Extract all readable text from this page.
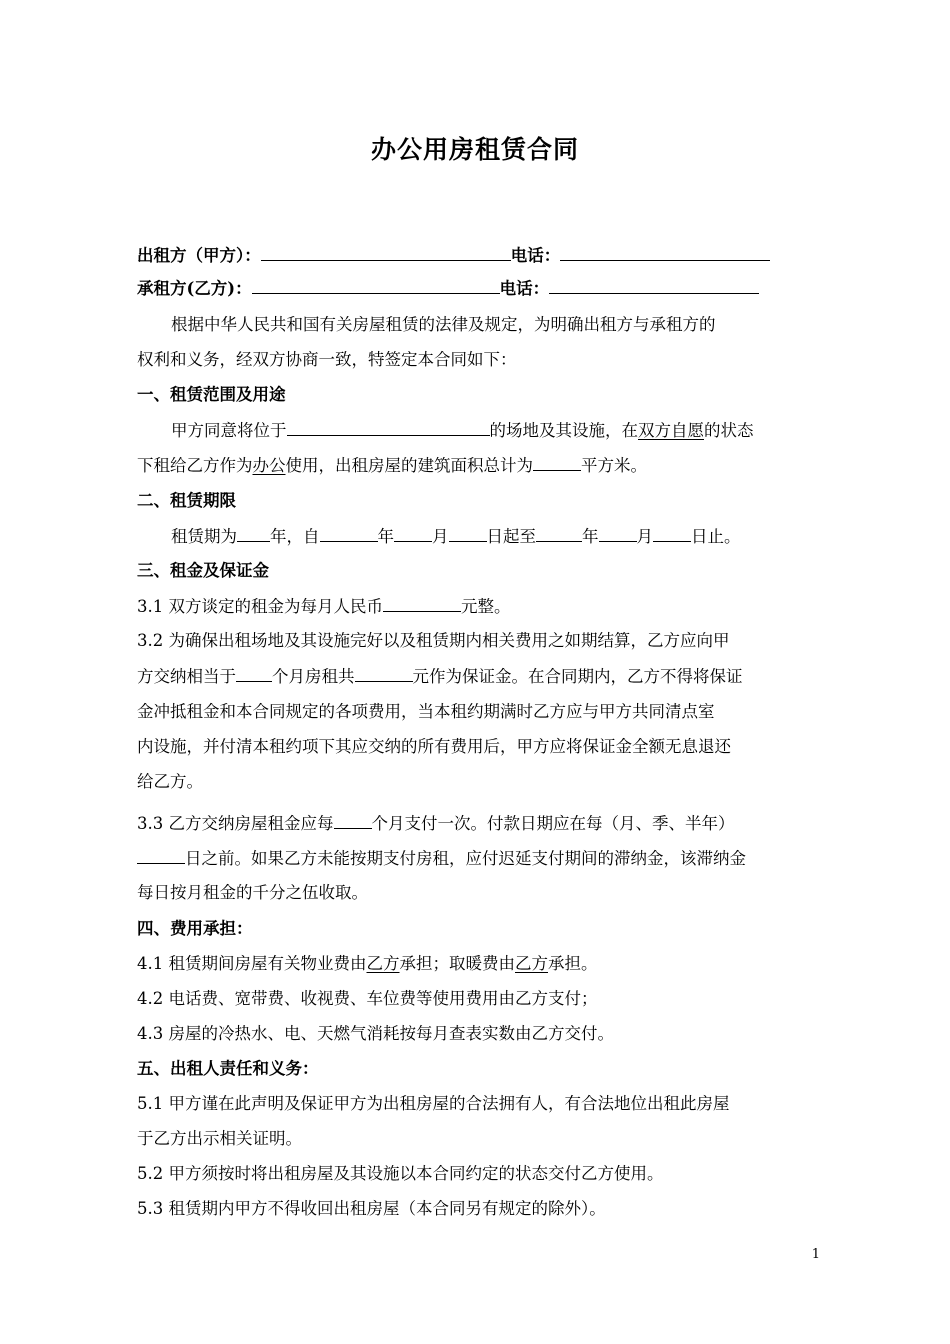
办公用房租赁合同
出租方（甲方）：	电话：
承租方(乙方)：	电话：
根据中华人民共和国有关房屋租赁的法律及规定，为明确出租方与承租方的
权利和义务，经双方协商一致，特签定本合同如下：
一、租赁范围及用途
甲方同意将位于	的场地及其设施，在双方自愿的状态
下租给乙方作为办公使用，出租房屋的建筑面积总计为	平方米。
二、租赁期限
租赁期为 年，自	年 月 日起至	年 月 日止。
三、租金及保证金
3.1 双方谈定的租金为每月人民币	元整。
3.2 为确保出租场地及其设施完好以及租赁期内相关费用之如期结算，乙方应向甲
方交纳相当于 个月房租共	元作为保证金。在合同期内，乙方不得将保证
金冲抵租金和本合同规定的各项费用，当本租约期满时乙方应与甲方共同清点室
内设施，并付清本租约项下其应交纳的所有费用后，甲方应将保证金全额无息退还
给乙方。
3.3 乙方交纳房屋租金应每 个月支付一次。付款日期应在每（月、季、半年）
日之前。如果乙方未能按期支付房租，应付迟延支付期间的滞纳金，该滞纳金
每日按月租金的千分之伍收取。
四、费用承担：
4.1 租赁期间房屋有关物业费由乙方承担；取暖费由乙方承担。
4.2 电话费、宽带费、收视费、车位费等使用费用由乙方支付；
4.3 房屋的冷热水、电、天燃气消耗按每月查表实数由乙方交付。
五、出租人责任和义务：
5.1 甲方谨在此声明及保证甲方为出租房屋的合法拥有人，有合法地位出租此房屋
于乙方出示相关证明。
5.2 甲方须按时将出租房屋及其设施以本合同约定的状态交付乙方使用。
5.3 租赁期内甲方不得收回出租房屋（本合同另有规定的除外）。
1
